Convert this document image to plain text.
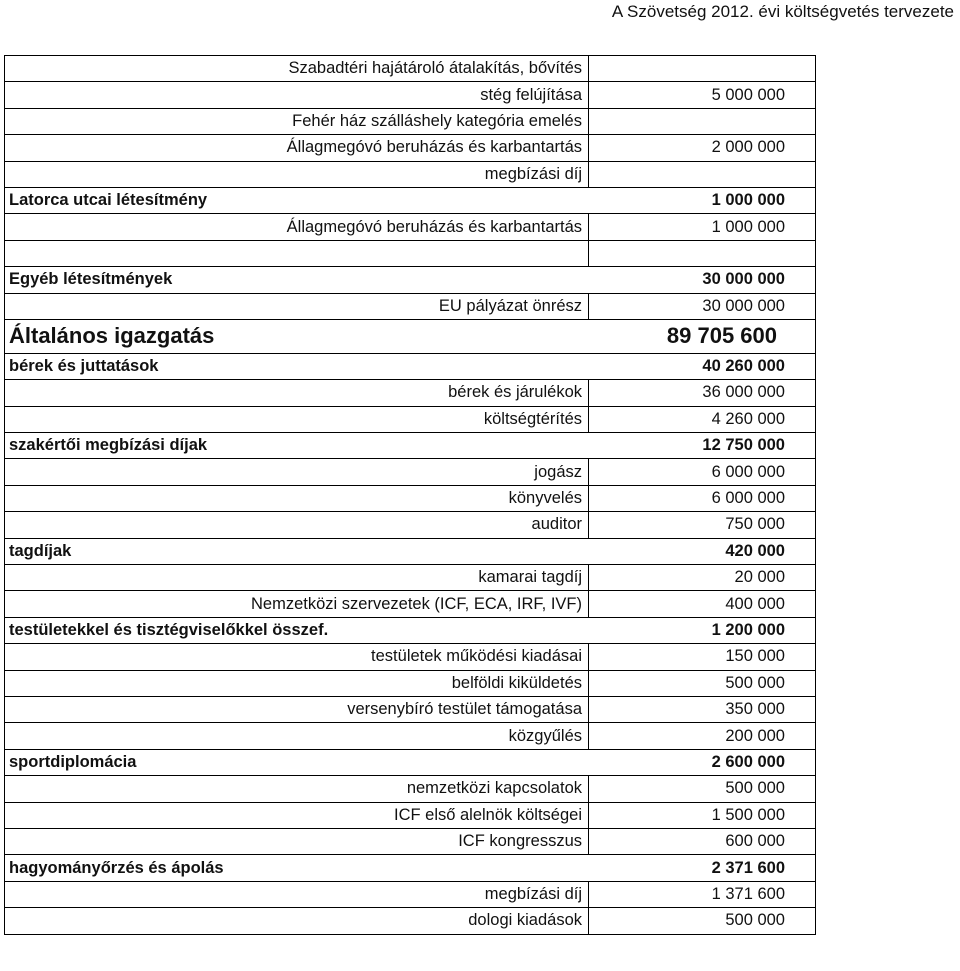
A Szövetség 2012. évi költségvetés tervezete
Szabadtéri hajátároló átalakítás, bővítés
stég felújítása	5 000 000
Fehér ház szálláshely kategória emelés
Állagmegóvó beruházás és karbantartás	2 000 000
megbízási díj
Latorca utcai létesítmény	1 000 000
Állagmegóvó beruházás és karbantartás	1 000 000
Egyéb létesítmények	30 000 000
EU pályázat önrész	30 000 000
Általános igazgatás	89 705 600
bérek és juttatások	40 260 000
bérek és járulékok	36 000 000
költségtérítés	4 260 000
szakértői megbízási díjak	12 750 000
jogász	6 000 000
könyvelés	6 000 000
auditor	750 000
tagdíjak	420 000
kamarai tagdíj	20 000
Nemzetközi szervezetek (ICF, ECA, IRF, IVF)	400 000
testületekkel és tisztégviselőkkel összef.	1 200 000
testületek működési kiadásai	150 000
belföldi kiküldetés	500 000
versenybíró testület támogatása	350 000
közgyűlés	200 000
sportdiplomácia	2 600 000
nemzetközi kapcsolatok	500 000
ICF első alelnök költségei	1 500 000
ICF kongresszus	600 000
hagyományőrzés és ápolás	2 371 600
megbízási díj	1 371 600
dologi kiadások	500 000
